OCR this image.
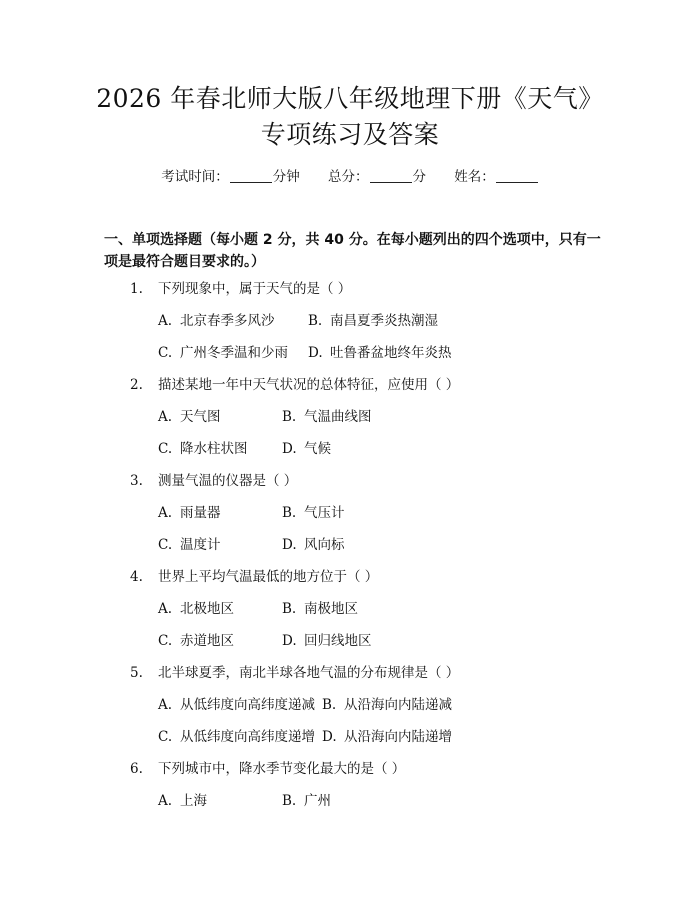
2026 年春北师大版八年级地理下册《天气》
专项练习及答案
考试时间：	分钟 总分：	分 姓名：
一、单项选择题（每小题 2 分，共 40 分。在每小题列出的四个选项中，只有一项是最符合题目要求的。）
1. 下列现象中，属于天气的是（ ）
A. 北京春季多风沙 B. 南昌夏季炎热潮湿
C. 广州冬季温和少雨 D. 吐鲁番盆地终年炎热
2. 描述某地一年中天气状况的总体特征，应使用（ ）
A. 天气图	B. 气温曲线图
C. 降水柱状图	D. 气候
3. 测量气温的仪器是（ ）
A. 雨量器	B. 气压计
C. 温度计	D. 风向标
4. 世界上平均气温最低的地方位于（ ）
A. 北极地区	B. 南极地区
C. 赤道地区	D. 回归线地区
5. 北半球夏季，南北半球各地气温的分布规律是（ ）
A. 从低纬度向高纬度递减 B. 从沿海向内陆递减
C. 从低纬度向高纬度递增 D. 从沿海向内陆递增
6. 下列城市中，降水季节变化最大的是（ ）
A. 上海	B. 广州
